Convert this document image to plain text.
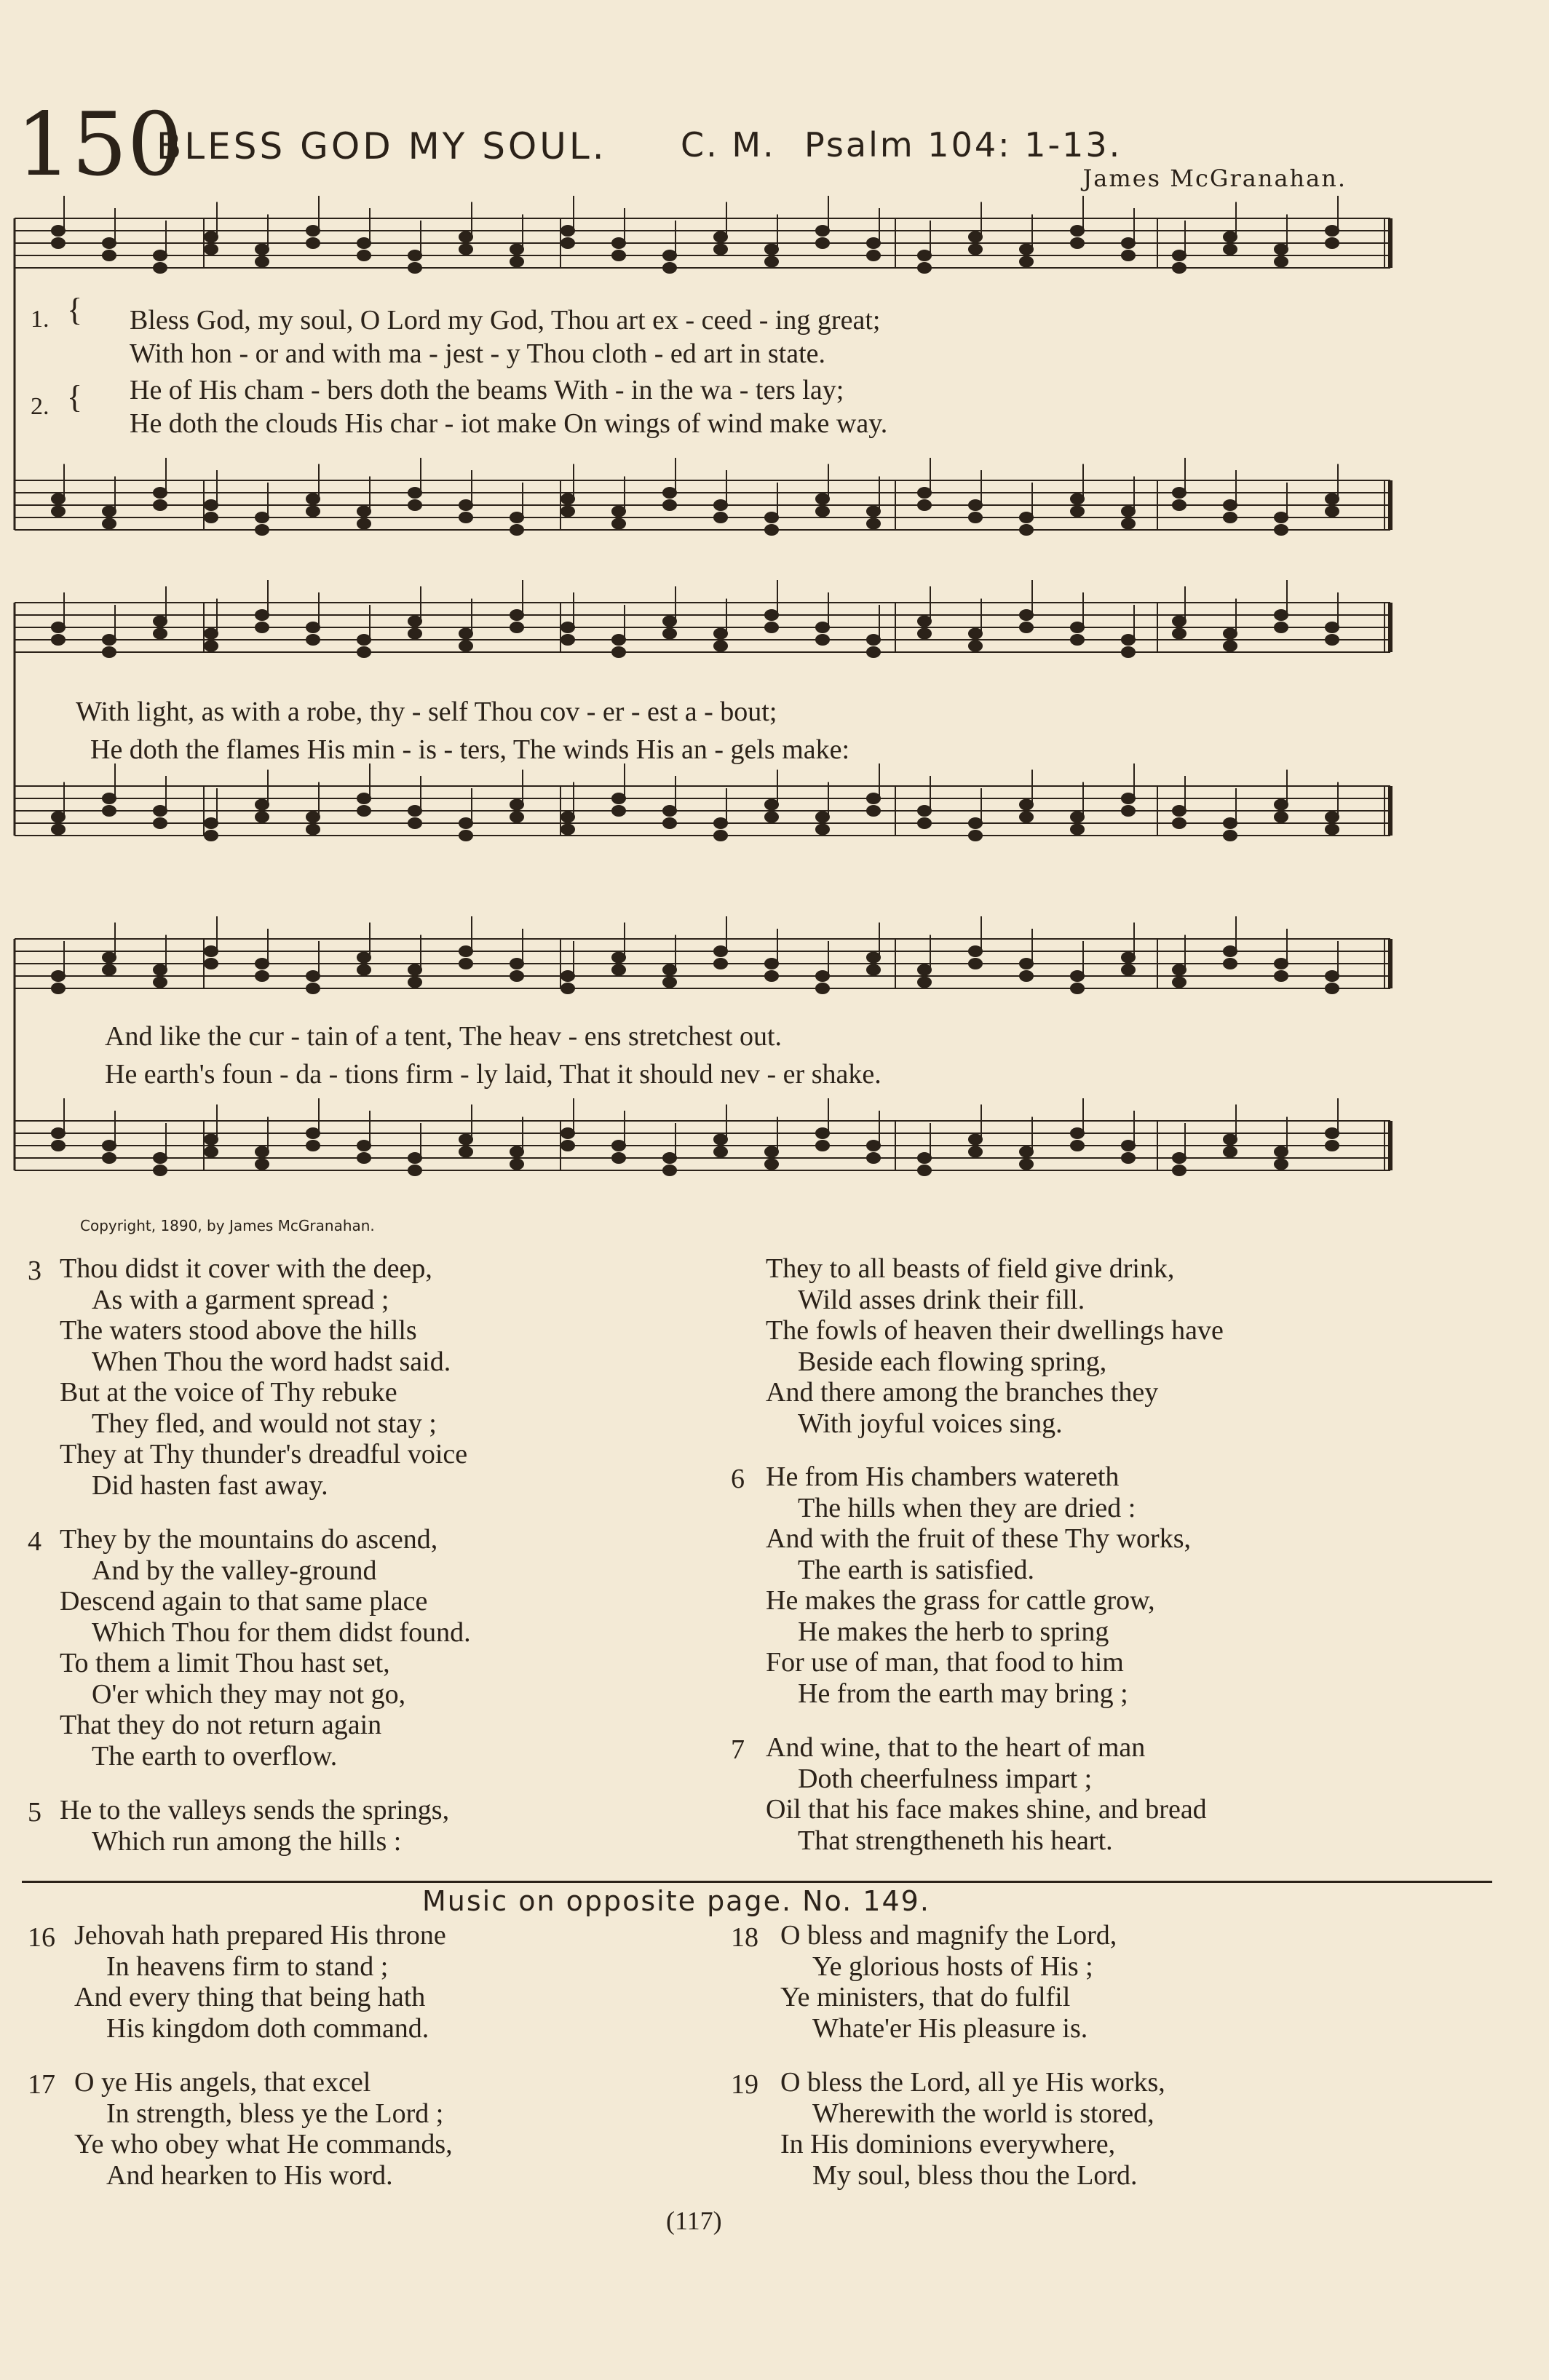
150
BLESS GOD MY SOUL. C. M. Psalm 104: 1-13.
James McGranahan.
1.
2.
{
{
Bless God, my soul, O Lord my God, Thou art ex - ceed - ing great;
With hon - or and with ma - jest - y Thou cloth - ed art in state.
He of His cham - bers doth the beams With - in the wa - ters lay;
He doth the clouds His char - iot make On wings of wind make way.
With light, as with a robe, thy - self Thou cov - er - est a - bout;
He doth the flames His min - is - ters, The winds His an - gels make:
And like the cur - tain of a tent, The heav - ens stretchest out.
He earth's foun - da - tions firm - ly laid, That it should nev - er shake.
Copyright, 1890, by James McGranahan.
3 Thou didst it cover with the deep,
As with a garment spread ;
The waters stood above the hills
When Thou the word hadst said.
But at the voice of Thy rebuke
They fled, and would not stay ;
They at Thy thunder's dreadful voice
Did hasten fast away.
4 They by the mountains do ascend,
And by the valley-ground
Descend again to that same place
Which Thou for them didst found.
To them a limit Thou hast set,
O'er which they may not go,
That they do not return again
The earth to overflow.
5 He to the valleys sends the springs,
Which run among the hills :
They to all beasts of field give drink,
Wild asses drink their fill.
The fowls of heaven their dwellings have
Beside each flowing spring,
And there among the branches they
With joyful voices sing.
6 He from His chambers watereth
The hills when they are dried :
And with the fruit of these Thy works,
The earth is satisfied.
He makes the grass for cattle grow,
He makes the herb to spring
For use of man, that food to him
He from the earth may bring ;
7 And wine, that to the heart of man
Doth cheerfulness impart ;
Oil that his face makes shine, and bread
That strengtheneth his heart.
Music on opposite page. No. 149.
16 Jehovah hath prepared His throne
In heavens firm to stand ;
And every thing that being hath
His kingdom doth command.
18 O bless and magnify the Lord,
Ye glorious hosts of His ;
Ye ministers, that do fulfil
Whate'er His pleasure is.
17 O ye His angels, that excel
In strength, bless ye the Lord ;
Ye who obey what He commands,
And hearken to His word.
19 O bless the Lord, all ye His works,
Wherewith the world is stored,
In His dominions everywhere,
My soul, bless thou the Lord.
(117)
